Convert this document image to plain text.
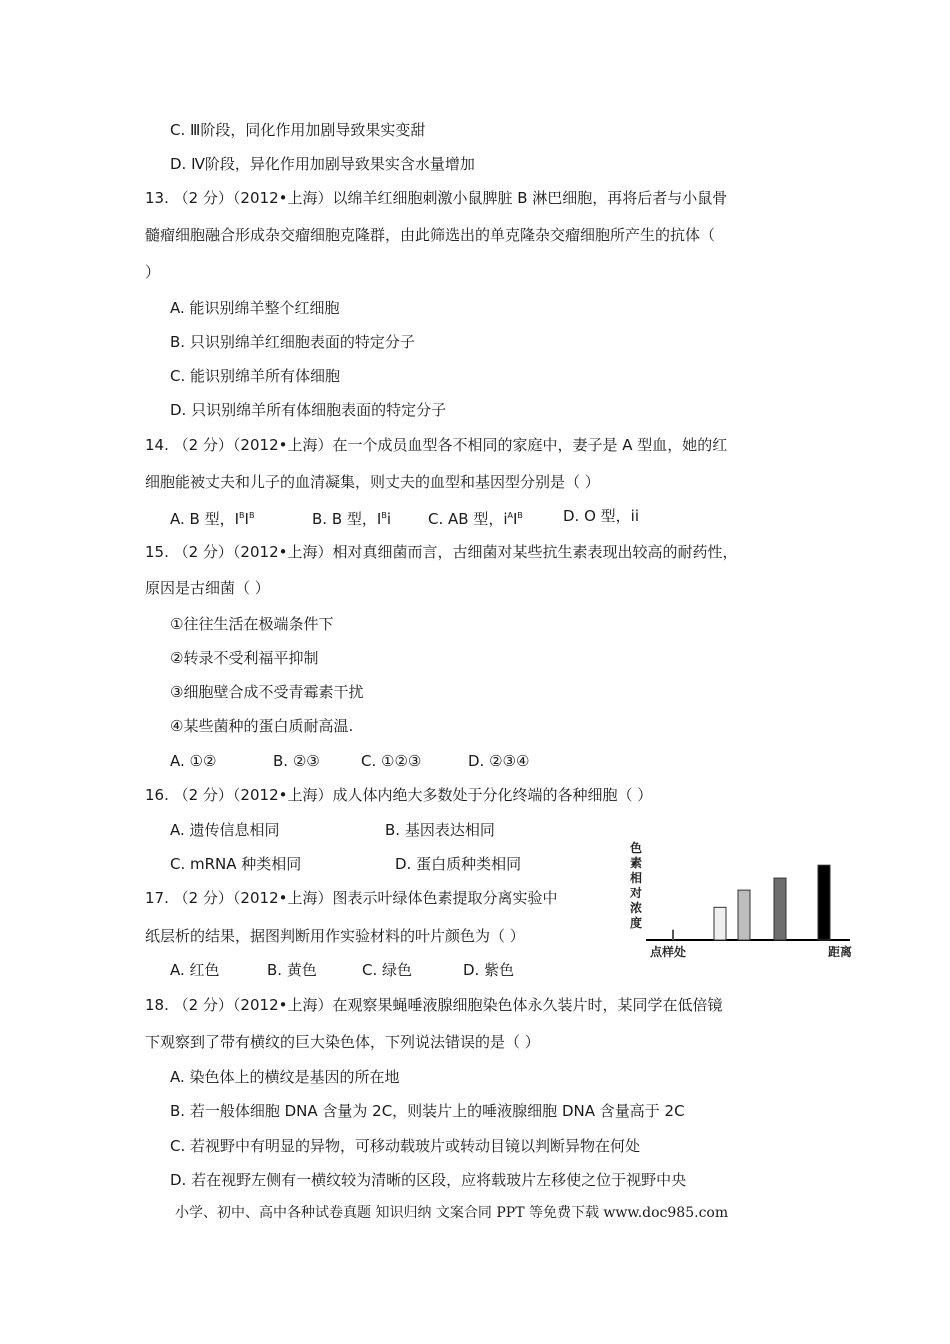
C. Ⅲ阶段，同化作用加剧导致果实变甜
D. Ⅳ阶段，异化作用加剧导致果实含水量增加
13. （2 分）（2012•上海）以绵羊红细胞刺激小鼠脾脏 B 淋巴细胞，再将后者与小鼠骨
髓瘤细胞融合形成杂交瘤细胞克隆群，由此筛选出的单克隆杂交瘤细胞所产生的抗体（
）
A. 能识别绵羊整个红细胞
B. 只识别绵羊红细胞表面的特定分子
C. 能识别绵羊所有体细胞
D. 只识别绵羊所有体细胞表面的特定分子
14. （2 分）（2012•上海）在一个成员血型各不相同的家庭中，妻子是 A 型血，她的红
细胞能被丈夫和儿子的血清凝集，则丈夫的血型和基因型分别是（ ）
A. B 型，$I^BI^B$	B. B 型，$I^Bi$ C. AB 型，$i^AI^B$	D. O 型，ii
15. （2 分）（2012•上海）相对真细菌而言，古细菌对某些抗生素表现出较高的耐药性，
原因是古细菌（ ）
①往往生活在极端条件下
②转录不受利福平抑制
③细胞壁合成不受青霉素干扰
④某些菌种的蛋白质耐高温.
A. ①②	B. ②③	C. ①②③	D. ②③④
16. （2 分）（2012•上海）成人体内绝大多数处于分化终端的各种细胞（ ）
A. 遗传信息相同	B. 基因表达相同
C. mRNA 种类相同	D. 蛋白质种类相同
17. （2 分）（2012•上海）图表示叶绿体色素提取分离实验中
纸层析的结果，据图判断用作实验材料的叶片颜色为（ ）
A. 红色	B. 黄色	C. 绿色	D. 紫色
色
素
相
对
浓
度
点样处	距离
18. （2 分）（2012•上海）在观察果蝇唾液腺细胞染色体永久装片时，某同学在低倍镜
下观察到了带有横纹的巨大染色体，下列说法错误的是（ ）
A. 染色体上的横纹是基因的所在地
B. 若一般体细胞 DNA 含量为 2C，则装片上的唾液腺细胞 DNA 含量高于 2C
C. 若视野中有明显的异物，可移动载玻片或转动目镜以判断异物在何处
D. 若在视野左侧有一横纹较为清晰的区段，应将载玻片左移使之位于视野中央
小学、初中、高中各种试卷真题 知识归纳 文案合同 PPT 等免费下载 www.doc985.com
